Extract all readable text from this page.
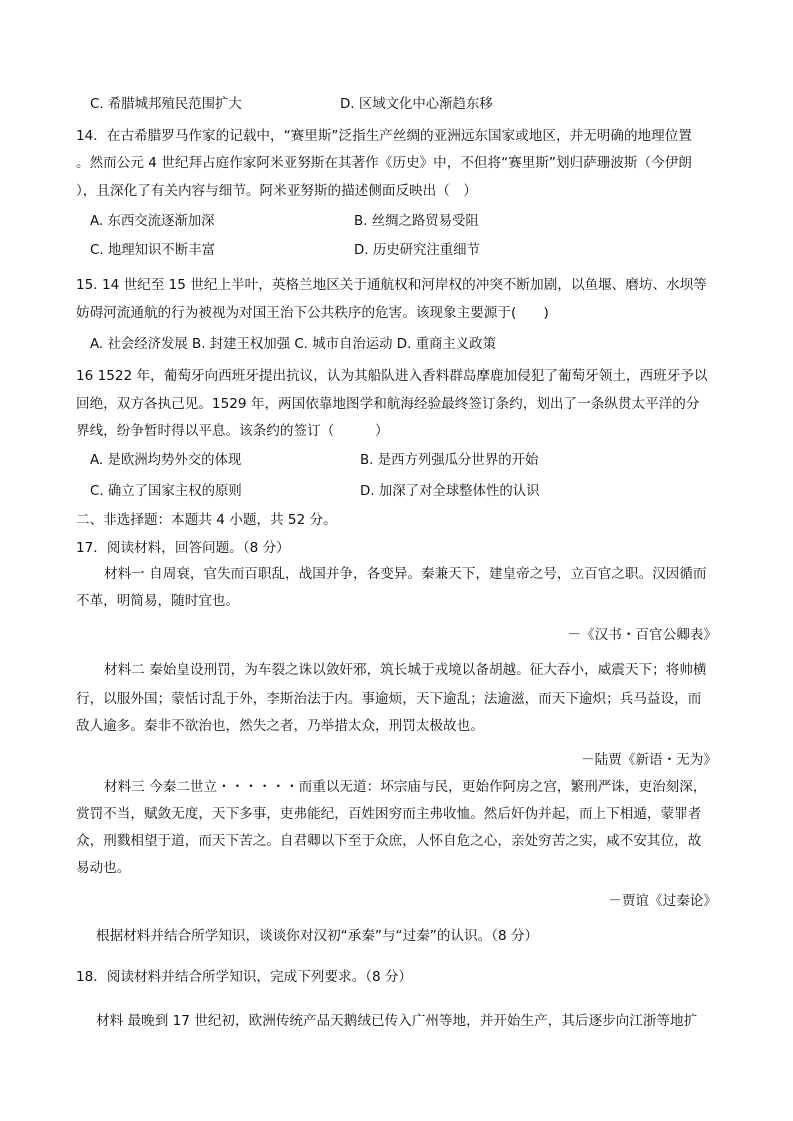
C. 希腊城邦殖民范围扩大	D. 区域文化中心渐趋东移
14．在古希腊罗马作家的记载中，“赛里斯”泛指生产丝绸的亚洲远东国家或地区，并无明确的地理位置
。然而公元 4 世纪拜占庭作家阿米亚努斯在其著作《历史》中，不但将“赛里斯”划归萨珊波斯（今伊朗
），且深化了有关内容与细节。阿米亚努斯的描述侧面反映出（　）
A. 东西交流逐渐加深	B. 丝绸之路贸易受阻
C. 地理知识不断丰富	D. 历史研究注重细节
15. 14 世纪至 15 世纪上半叶，英格兰地区关于通航权和河岸权的冲突不断加剧，以鱼堰、磨坊、水坝等
妨碍河流通航的行为被视为对国王治下公共秩序的危害。该现象主要源于(　　)
A. 社会经济发展 B. 封建王权加强 C. 城市自治运动 D. 重商主义政策
16 1522 年，葡萄牙向西班牙提出抗议，认为其船队进入香料群岛摩鹿加侵犯了葡萄牙领土，西班牙予以
回绝，双方各执己见。1529 年，两国依靠地图学和航海经验最终签订条约，划出了一条纵贯太平洋的分
界线，纷争暂时得以平息。该条约的签订（　　　）
A. 是欧洲均势外交的体现	B. 是西方列强瓜分世界的开始
C. 确立了国家主权的原则	D. 加深了对全球整体性的认识
二、非选择题：本题共 4 小题，共 52 分。
17．阅读材料，回答问题。（8 分）
材料一 自周衰，官失而百职乱，战国并争，各变异。秦兼天下，建皇帝之号，立百官之职。汉因循而
不革，明简易，随时宜也。
－《汉书・百官公卿表》
材料二 秦始皇设刑罚，为车裂之诛以敛奸邪，筑长城于戎境以备胡越。征大吞小，威震天下；将帅横
行，以服外国；蒙恬讨乱于外，李斯治法于内。事逾烦，天下逾乱；法逾滋，而天下逾炽；兵马益设，而
敌人逾多。秦非不欲治也，然失之者，乃举措太众，刑罚太极故也。
－陆贾《新语・无为》
材料三 今秦二世立・・・・・・而重以无道：坏宗庙与民，更始作阿房之宫，繁刑严诛，吏治刻深，
赏罚不当，赋敛无度，天下多事，吏弗能纪，百姓困穷而主弗收恤。然后奸伪并起，而上下相遁，蒙罪者
众，刑戮相望于道，而天下苦之。自君卿以下至于众庶，人怀自危之心，亲处穷苦之实，咸不安其位，故
易动也。
－贾谊《过秦论》
根据材料并结合所学知识，谈谈你对汉初“承秦”与“过秦”的认识。（8 分）
18．阅读材料并结合所学知识，完成下列要求。（8 分）
材料 最晚到 17 世纪初，欧洲传统产品天鹅绒已传入广州等地，并开始生产，其后逐步向江浙等地扩
